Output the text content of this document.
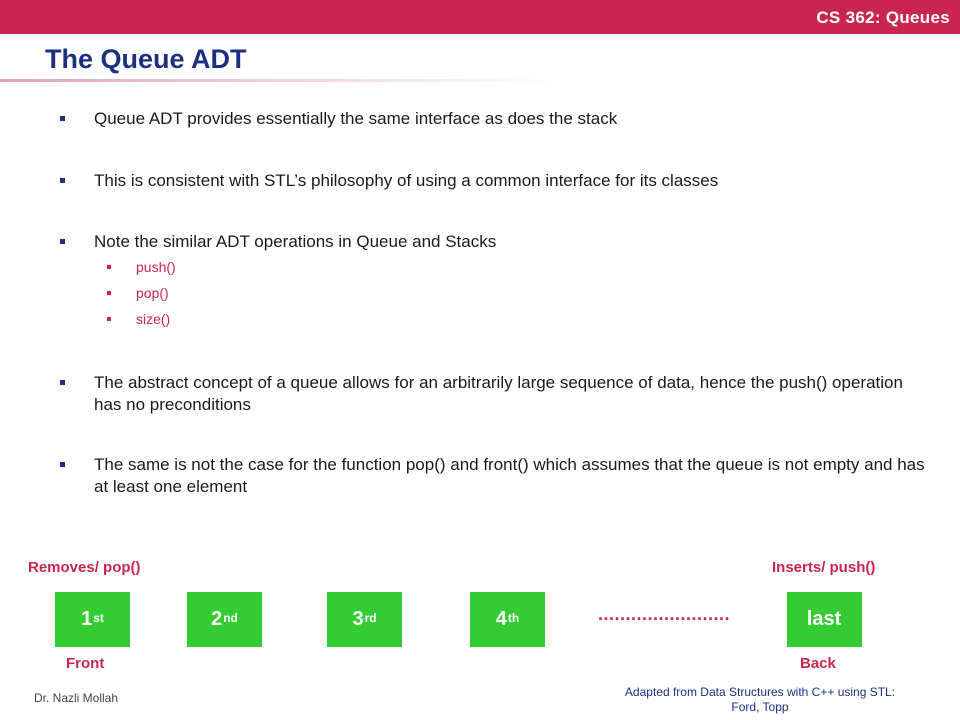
CS 362: Queues
The Queue ADT
Queue ADT provides essentially the same interface as does the stack
This is consistent with STL’s philosophy of using a common interface for its classes
Note the similar ADT operations in Queue and Stacks
push()
pop()
size()
The abstract concept of a queue allows for an arbitrarily large sequence of data, hence the push() operation has no preconditions
The same is not the case for the function pop() and front() which assumes that the queue is not empty and has at least one element
Removes/ pop()	Inserts/ push()
1st	2nd	3rd	4th	........................	last
Front	Back
Dr. Nazli Mollah	Adapted from Data Structures with C++ using STL:
Ford, Topp
